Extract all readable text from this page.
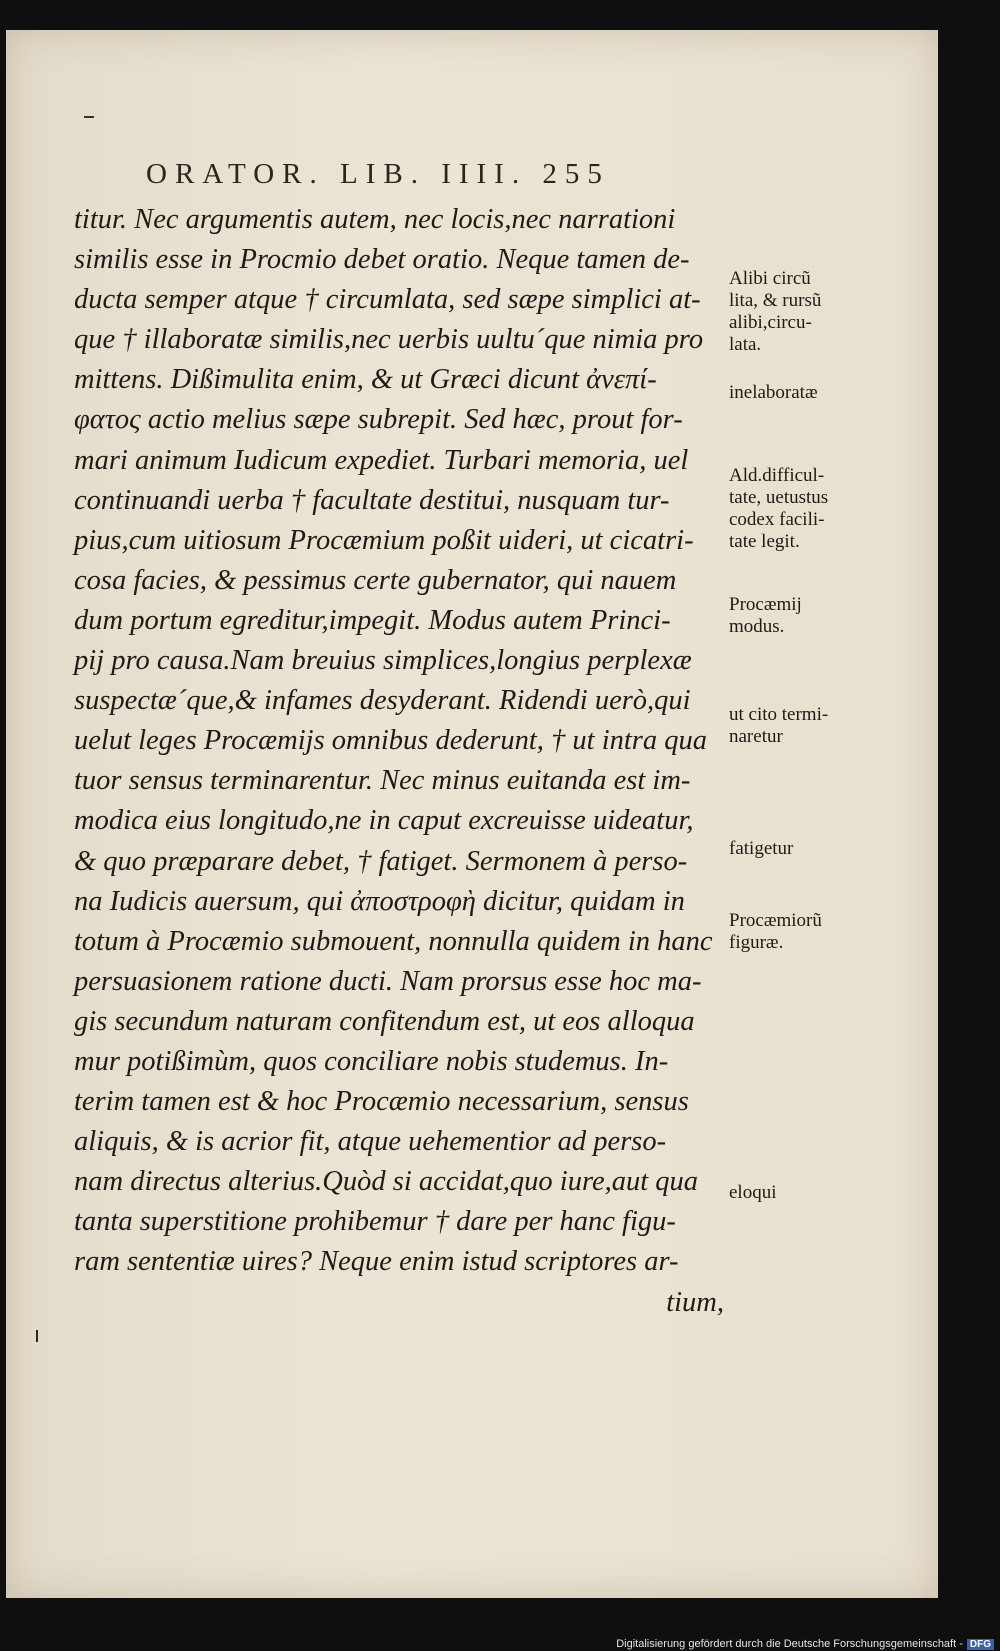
ORATOR. LIB. IIII. 255
titur. Nec argumentis autem, nec locis,nec narrationi
similis esse in Procmio debet oratio. Neque tamen de-
ducta semper atque † circumlata, sed sæpe simplici at-
que † illaboratæ similis,nec uerbis uultu´que nimia pro
mittens. Dißimulita enim, & ut Græci dicunt ἀνεπί-
φατος actio melius sæpe subrepit. Sed hæc, prout for-
mari animum Iudicum expediet. Turbari memoria, uel
continuandi uerba † facultate destitui, nusquam tur-
pius,cum uitiosum Procæmium poßit uideri, ut cicatri-
cosa facies, & pessimus certe gubernator, qui nauem
dum portum egreditur,impegit. Modus autem Princi-
pij pro causa.Nam breuius simplices,longius perplexæ
suspectæ´que,& infames desyderant. Ridendi uerò,qui
uelut leges Procæmijs omnibus dederunt, † ut intra qua
tuor sensus terminarentur. Nec minus euitanda est im-
modica eius longitudo,ne in caput excreuisse uideatur,
& quo præparare debet, † fatiget. Sermonem à perso-
na Iudicis auersum, qui ἀποστροφὴ dicitur, quidam in
totum à Procæmio submouent, nonnulla quidem in hanc
persuasionem ratione ducti. Nam prorsus esse hoc ma-
gis secundum naturam confitendum est, ut eos alloqua
mur potißimùm, quos conciliare nobis studemus. In-
terim tamen est & hoc Procæmio necessarium, sensus
aliquis, & is acrior fit, atque uehementior ad perso-
nam directus alterius.Quòd si accidat,quo iure,aut qua
tanta superstitione prohibemur † dare per hanc figu-
ram sententiæ uires? Neque enim istud scriptores ar-
tium,
Alibi circũ
lita, & rursũ
alibi,circu-
lata.
inelaboratæ
Ald.difficul-
tate, uetustus
codex facili-
tate legit.
Procæmij
modus.
ut cito termi-
naretur
fatigetur
Procæmiorũ
figuræ.
eloqui
Digitalisierung gefördert durch die Deutsche Forschungsgemeinschaft - DFG
